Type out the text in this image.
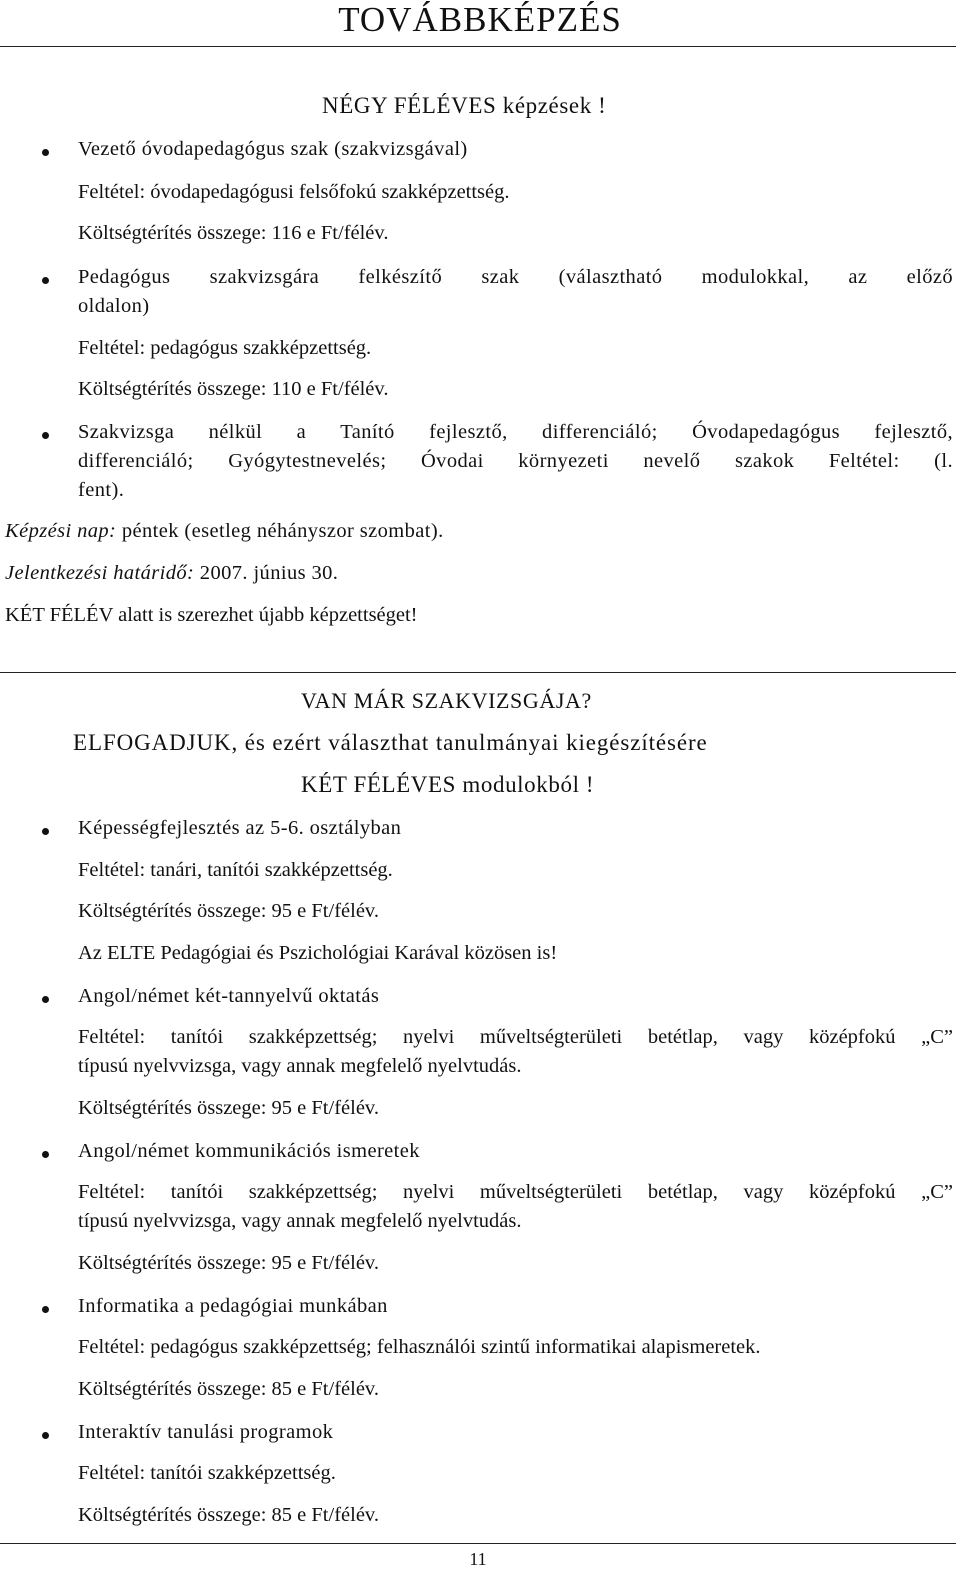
TOVÁBBKÉPZÉS
NÉGY FÉLÉVES képzések !
Vezető óvodapedagógus szak (szakvizsgával)
Feltétel: óvodapedagógusi felsőfokú szakképzettség.
Költségtérítés összege: 116 e Ft/félév.
Pedagógus szakvizsgára felkészítő szak (választható modulokkal, az előző
oldalon)
Feltétel: pedagógus szakképzettség.
Költségtérítés összege: 110 e Ft/félév.
Szakvizsga nélkül a Tanító fejlesztő, differenciáló; Óvodapedagógus fejlesztő,
differenciáló; Gyógytestnevelés; Óvodai környezeti nevelő szakok Feltétel: (l.
fent).
Képzési nap: péntek (esetleg néhányszor szombat).
Jelentkezési határidő: 2007. június 30.
KÉT FÉLÉV alatt is szerezhet újabb képzettséget!
VAN MÁR SZAKVIZSGÁJA?
ELFOGADJUK, és ezért választhat tanulmányai kiegészítésére
KÉT FÉLÉVES modulokból !
Képességfejlesztés az 5-6. osztályban
Feltétel: tanári, tanítói szakképzettség.
Költségtérítés összege: 95 e Ft/félév.
Az ELTE Pedagógiai és Pszichológiai Karával közösen is!
Angol/német két-tannyelvű oktatás
Feltétel: tanítói szakképzettség; nyelvi műveltségterületi betétlap, vagy középfokú „C”
típusú nyelvvizsga, vagy annak megfelelő nyelvtudás.
Költségtérítés összege: 95 e Ft/félév.
Angol/német kommunikációs ismeretek
Feltétel: tanítói szakképzettség; nyelvi műveltségterületi betétlap, vagy középfokú „C”
típusú nyelvvizsga, vagy annak megfelelő nyelvtudás.
Költségtérítés összege: 95 e Ft/félév.
Informatika a pedagógiai munkában
Feltétel: pedagógus szakképzettség; felhasználói szintű informatikai alapismeretek.
Költségtérítés összege: 85 e Ft/félév.
Interaktív tanulási programok
Feltétel: tanítói szakképzettség.
Költségtérítés összege: 85 e Ft/félév.
11
